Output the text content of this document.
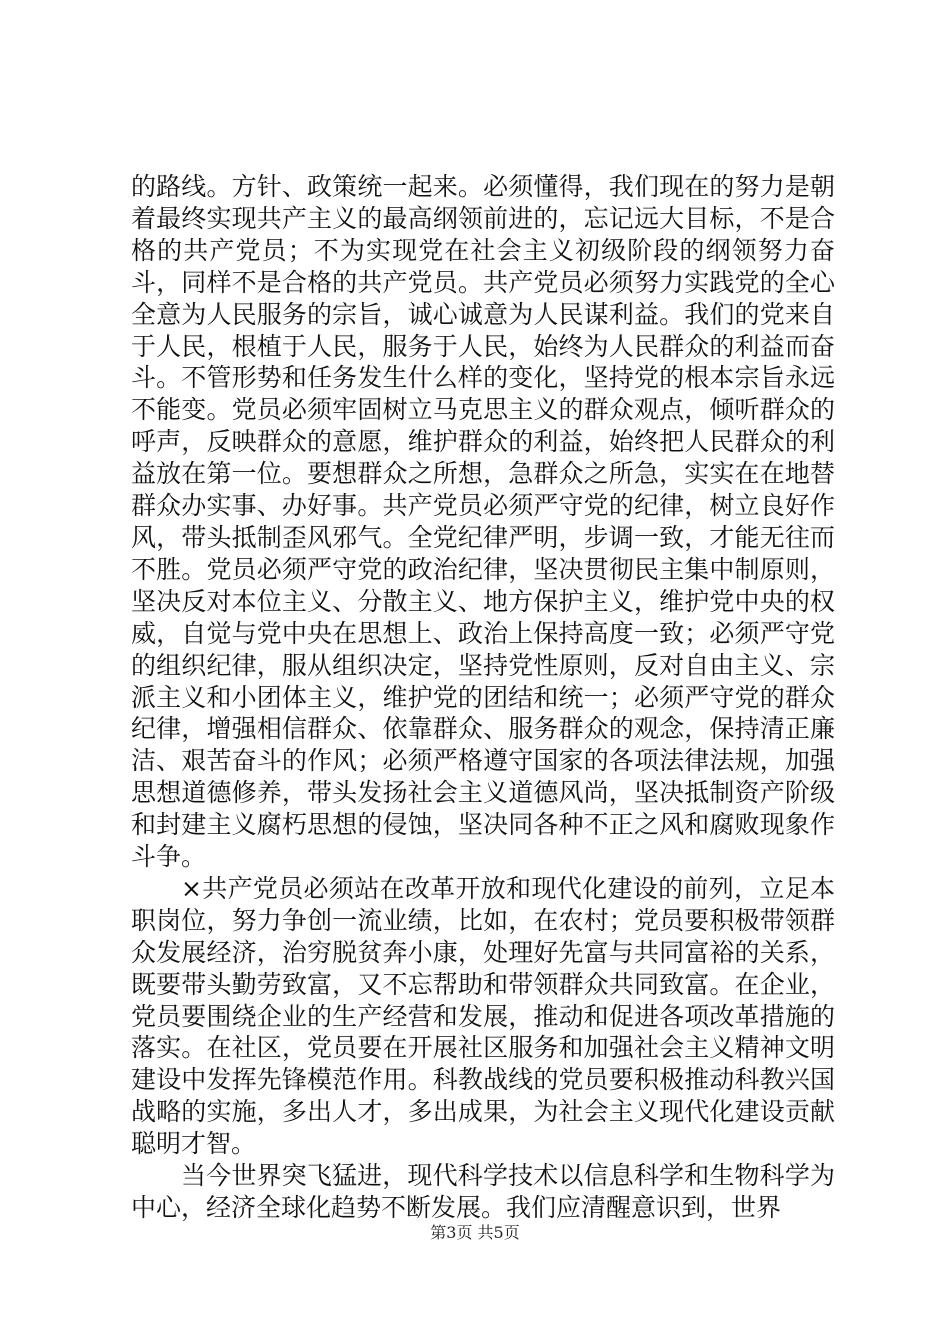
的路线。方针、政策统一起来。必须懂得，我们现在的努力是朝着最终实现共产主义的最高纲领前进的，忘记远大目标，不是合格的共产党员；不为实现党在社会主义初级阶段的纲领努力奋斗，同样不是合格的共产党员。共产党员必须努力实践党的全心全意为人民服务的宗旨，诚心诚意为人民谋利益。我们的党来自于人民，根植于人民，服务于人民，始终为人民群众的利益而奋斗。不管形势和任务发生什么样的变化，坚持党的根本宗旨永远不能变。党员必须牢固树立马克思主义的群众观点，倾听群众的呼声，反映群众的意愿，维护群众的利益，始终把人民群众的利益放在第一位。要想群众之所想，急群众之所急，实实在在地替群众办实事、办好事。共产党员必须严守党的纪律，树立良好作风，带头抵制歪风邪气。全党纪律严明，步调一致，才能无往而不胜。党员必须严守党的政治纪律，坚决贯彻民主集中制原则，坚决反对本位主义、分散主义、地方保护主义，维护党中央的权威，自觉与党中央在思想上、政治上保持高度一致；必须严守党的组织纪律，服从组织决定，坚持党性原则，反对自由主义、宗派主义和小团体主义，维护党的团结和统一；必须严守党的群众纪律，增强相信群众、依靠群众、服务群众的观念，保持清正廉洁、艰苦奋斗的作风；必须严格遵守国家的各项法律法规，加强思想道德修养，带头发扬社会主义道德风尚，坚决抵制资产阶级和封建主义腐朽思想的侵蚀，坚决同各种不正之风和腐败现象作斗争。

×共产党员必须站在改革开放和现代化建设的前列，立足本职岗位，努力争创一流业绩，比如，在农村；党员要积极带领群众发展经济，治穷脱贫奔小康，处理好先富与共同富裕的关系，既要带头勤劳致富，又不忘帮助和带领群众共同致富。在企业，党员要围绕企业的生产经营和发展，推动和促进各项改革措施的落实。在社区，党员要在开展社区服务和加强社会主义精神文明建设中发挥先锋模范作用。科教战线的党员要积极推动科教兴国战略的实施，多出人才，多出成果，为社会主义现代化建设贡献聪明才智。

当今世界突飞猛进，现代科学技术以信息科学和生物科学为中心，经济全球化趋势不断发展。我们应清醒意识到，世界

第3页 共5页
